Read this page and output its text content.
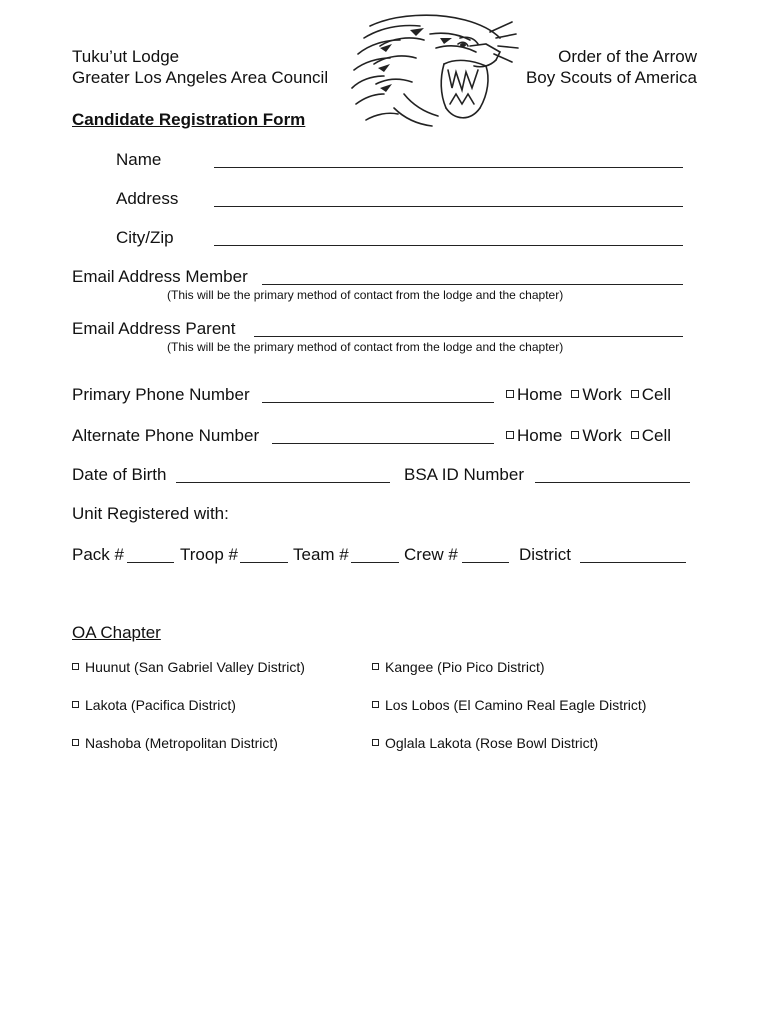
Tuku’ut Lodge
Greater Los Angeles Area Council
Order of the Arrow
Boy Scouts of America
Candidate Registration Form
Name
Address
City/Zip
Email Address Member
(This will be the primary method of contact from the lodge and the chapter)
Email Address Parent
(This will be the primary method of contact from the lodge and the chapter)
Primary Phone Number	Home Work Cell
Alternate Phone Number	Home Work Cell
Date of Birth	BSA ID Number
Unit Registered with:
Pack #	Troop #	Team #	Crew #	District
OA Chapter
Huunut (San Gabriel Valley District)	Kangee (Pio Pico District)
Lakota (Pacifica District)	Los Lobos (El Camino Real Eagle District)
Nashoba (Metropolitan District)	Oglala Lakota (Rose Bowl District)
